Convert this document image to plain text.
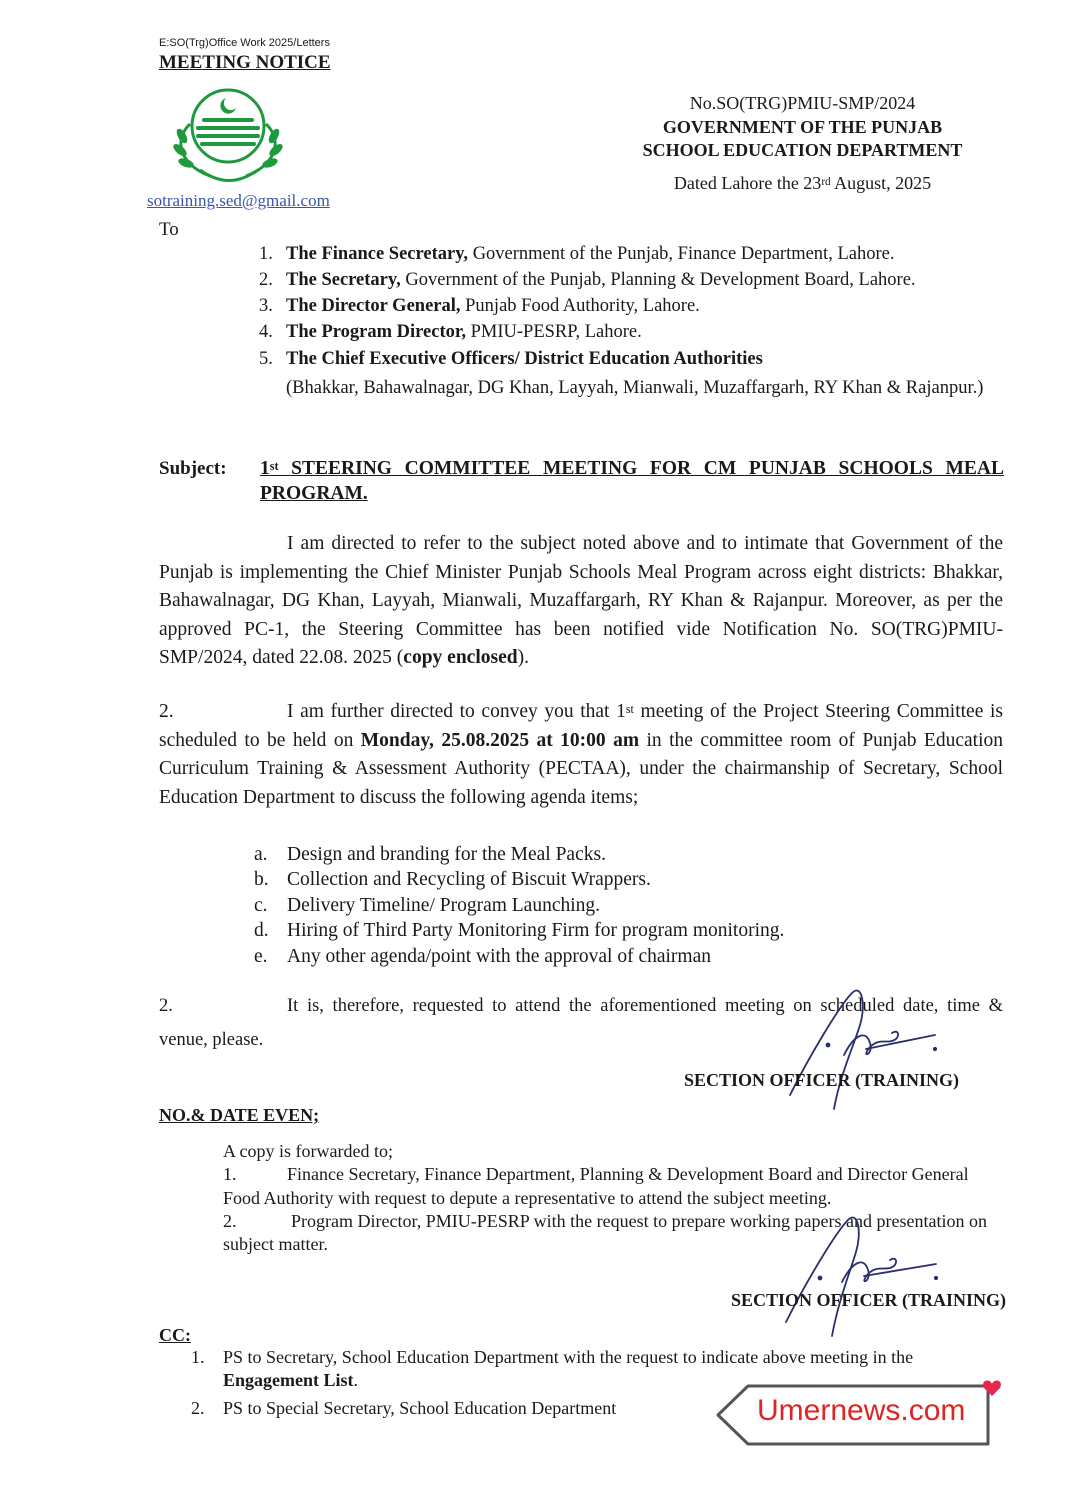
E:SO(Trg)Office Work 2025/Letters
MEETING NOTICE
No.SO(TRG)PMIU-SMP/2024
GOVERNMENT OF THE PUNJAB
SCHOOL EDUCATION DEPARTMENT
Dated Lahore the 23rd August, 2025
sotraining.sed@gmail.com
To
1. The Finance Secretary, Government of the Punjab, Finance Department, Lahore.
2. The Secretary, Government of the Punjab, Planning & Development Board, Lahore.
3. The Director General, Punjab Food Authority, Lahore.
4. The Program Director, PMIU-PESRP, Lahore.
5. The Chief Executive Officers/ District Education Authorities
(Bhakkar, Bahawalnagar, DG Khan, Layyah, Mianwali, Muzaffargarh, RY Khan & Rajanpur.)
Subject: 1st STEERING COMMITTEE MEETING FOR CM PUNJAB SCHOOLS MEAL PROGRAM.
I am directed to refer to the subject noted above and to intimate that Government of the Punjab is implementing the Chief Minister Punjab Schools Meal Program across eight districts: Bhakkar, Bahawalnagar, DG Khan, Layyah, Mianwali, Muzaffargarh, RY Khan & Rajanpur. Moreover, as per the approved PC-1, the Steering Committee has been notified vide Notification No. SO(TRG)PMIU-SMP/2024, dated 22.08. 2025 (copy enclosed).
2.	I am further directed to convey you that 1st meeting of the Project Steering Committee is scheduled to be held on Monday, 25.08.2025 at 10:00 am in the committee room of Punjab Education Curriculum Training & Assessment Authority (PECTAA), under the chairmanship of Secretary, School Education Department to discuss the following agenda items;
a. Design and branding for the Meal Packs.
b. Collection and Recycling of Biscuit Wrappers.
c. Delivery Timeline/ Program Launching.
d. Hiring of Third Party Monitoring Firm for program monitoring.
e. Any other agenda/point with the approval of chairman
2.	It is, therefore, requested to attend the aforementioned meeting on scheduled date, time & venue, please.
SECTION OFFICER (TRAINING)
NO.& DATE EVEN;
A copy is forwarded to;
1.	Finance Secretary, Finance Department, Planning & Development Board and Director General Food Authority with request to depute a representative to attend the subject meeting.
2.	Program Director, PMIU-PESRP with the request to prepare working papers and presentation on subject matter.
SECTION OFFICER (TRAINING)
CC:
1. PS to Secretary, School Education Department with the request to indicate above meeting in the Engagement List.
2. PS to Special Secretary, School Education Department	Umernews.com
